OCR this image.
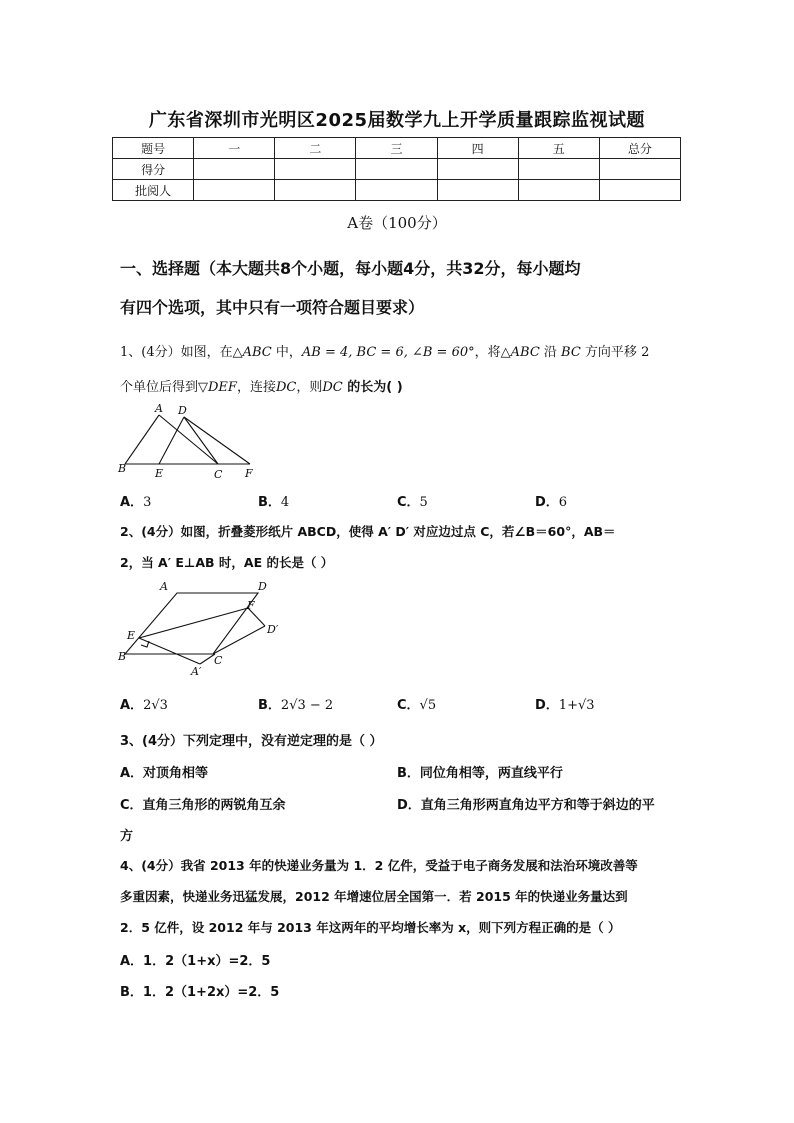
广东省深圳市光明区2025届数学九上开学质量跟踪监视试题
题号	一	二	三	四	五	总分
得分						
批阅人						
A卷（100分）
一、选择题（本大题共8个小题，每小题4分，共32分，每小题均
有四个选项，其中只有一项符合题目要求）
1、(4分）如图，在△ABC 中，AB = 4, BC = 6, ∠B = 60°，将△ABC 沿 BC 方向平移 2
个单位后得到▽DEF，连接DC，则DC 的长为( )
A D
B	E	C F
A．3	B．4	C．5	D．6
2、(4分）如图，折叠菱形纸片 ABCD，使得 A′ D′ 对应边过点 C，若∠B＝60°，AB＝
2，当 A′ E⊥AB 时，AE 的长是（ ）
A	D
F
D′
E
B	C
A′
A．2√3	B．2√3 − 2	C．√5	D．1+√3
3、(4分）下列定理中，没有逆定理的是（ ）
A．对顶角相等	B．同位角相等，两直线平行
C．直角三角形的两锐角互余	D．直角三角形两直角边平方和等于斜边的平
方
4、(4分）我省 2013 年的快递业务量为 1．2 亿件，受益于电子商务发展和法治环境改善等
多重因素，快递业务迅猛发展，2012 年增速位居全国第一．若 2015 年的快递业务量达到
2．5 亿件，设 2012 年与 2013 年这两年的平均增长率为 x，则下列方程正确的是（ ）
A．1．2（1+x）=2．5
B．1．2（1+2x）=2．5
